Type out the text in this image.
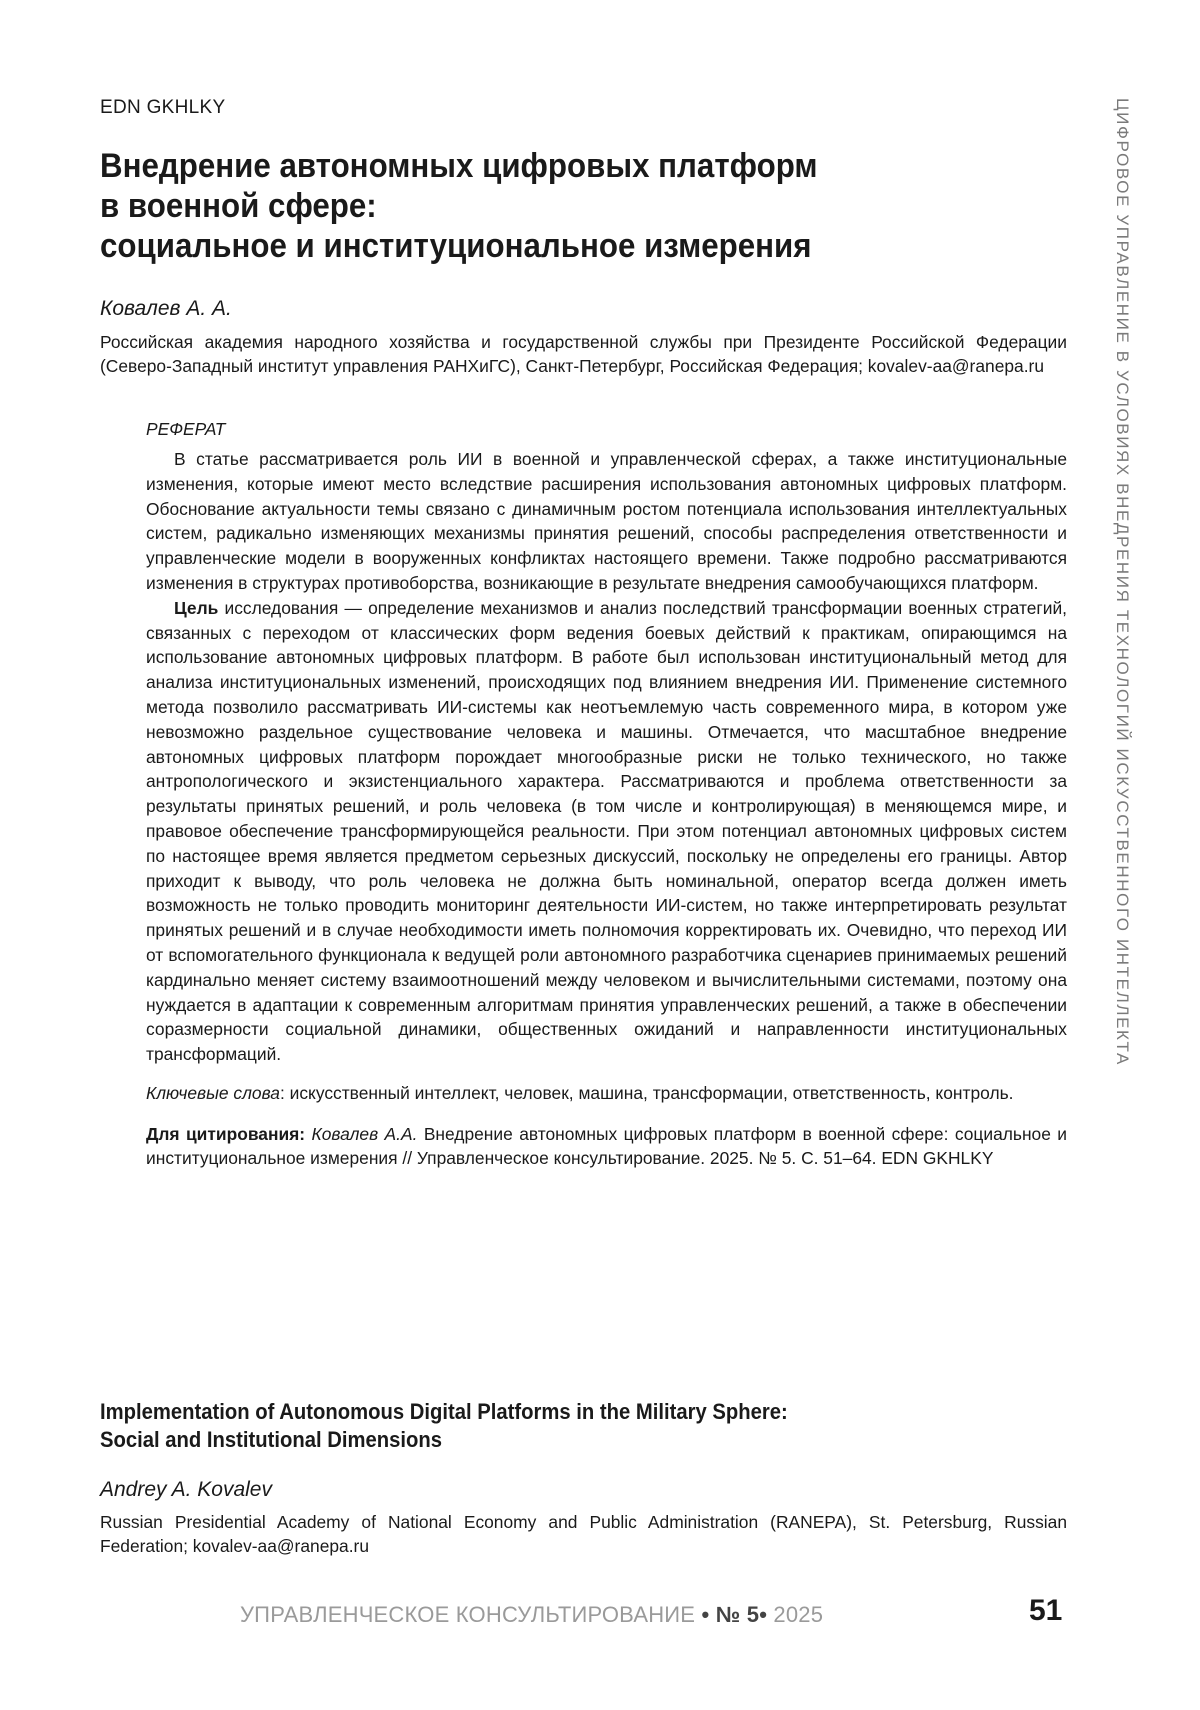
EDN GKHLKY
Внедрение автономных цифровых платформ
в военной сфере:
социальное и институциональное измерения
Ковалев А. А.

Российская академия народного хозяйства и государственной службы при Президенте Российской Федерации (Северо-Западный институт управления РАНХиГС), Санкт-Петербург, Российская Федерация; kovalev-aa@ranepa.ru

РЕФЕРАТ

В статье рассматривается роль ИИ в военной и управленческой сферах, а также институциональные изменения, которые имеют место вследствие расширения использования автономных цифровых платформ. Обоснование актуальности темы связано с динамичным ростом потенциала использования интеллектуальных систем, радикально изменяющих механизмы принятия решений, способы распределения ответственности и управленческие модели в вооруженных конфликтах настоящего времени. Также подробно рассматриваются изменения в структурах противоборства, возникающие в результате внедрения самообучающихся платформ.

Цель исследования — определение механизмов и анализ последствий трансформации военных стратегий, связанных с переходом от классических форм ведения боевых действий к практикам, опирающимся на использование автономных цифровых платформ. В работе был использован институциональный метод для анализа институциональных изменений, происходящих под влиянием внедрения ИИ. Применение системного метода позволило рассматривать ИИ-системы как неотъемлемую часть современного мира, в котором уже невозможно раздельное существование человека и машины. Отмечается, что масштабное внедрение автономных цифровых платформ порождает многообразные риски не только технического, но также антропологического и экзистенциального характера. Рассматриваются и проблема ответственности за результаты принятых решений, и роль человека (в том числе и контролирующая) в меняющемся мире, и правовое обеспечение трансформирующейся реальности. При этом потенциал автономных цифровых систем по настоящее время является предметом серьезных дискуссий, поскольку не определены его границы. Автор приходит к выводу, что роль человека не должна быть номинальной, оператор всегда должен иметь возможность не только проводить мониторинг деятельности ИИ-систем, но также интерпретировать результат принятых решений и в случае необходимости иметь полномочия корректировать их. Очевидно, что переход ИИ от вспомогательного функционала к ведущей роли автономного разработчика сценариев принимаемых решений кардинально меняет систему взаимоотношений между человеком и вычислительными системами, поэтому она нуждается в адаптации к современным алгоритмам принятия управленческих решений, а также в обеспечении соразмерности социальной динамики, общественных ожиданий и направленности институциональных трансформаций.

Ключевые слова: искусственный интеллект, человек, машина, трансформации, ответственность, контроль.

Для цитирования: Ковалев А.А. Внедрение автономных цифровых платформ в военной сфере: социальное и институциональное измерения // Управленческое консультирование. 2025. № 5. С. 51–64. EDN GKHLKY

Implementation of Autonomous Digital Platforms in the Military Sphere:
Social and Institutional Dimensions
Andrey A. Kovalev

Russian Presidential Academy of National Economy and Public Administration (RANEPA), St. Petersburg, Russian Federation; kovalev-aa@ranepa.ru

УПРАВЛЕНЧЕСКОЕ КОНСУЛЬТИРОВАНИЕ • № 5• 2025	51
ЦИФРОВОЕ УПРАВЛЕНИЕ В УСЛОВИЯХ ВНЕДРЕНИЯ ТЕХНОЛОГИЙ ИСКУССТВЕННОГО ИНТЕЛЛЕКТА
